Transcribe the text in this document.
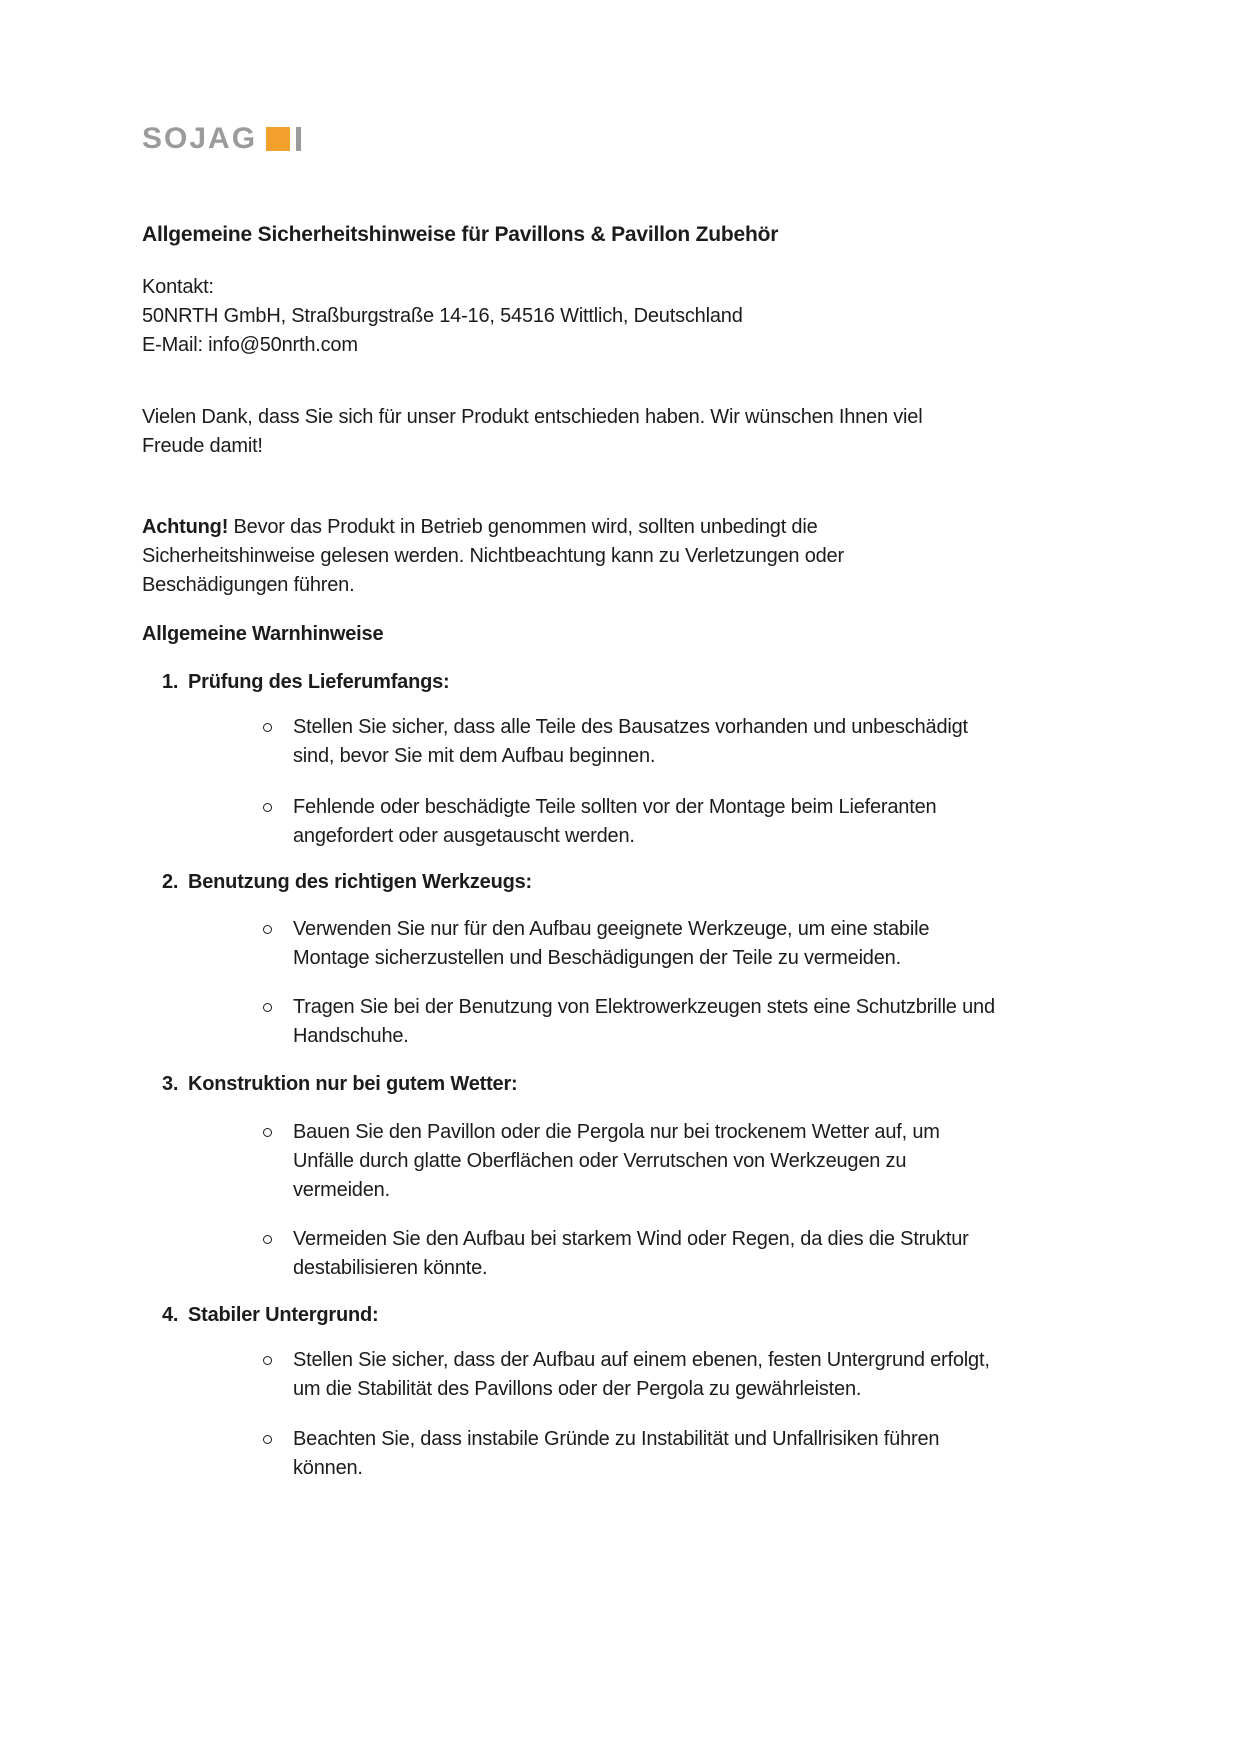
SOJAG
Allgemeine Sicherheitshinweise für Pavillons & Pavillon Zubehör
Kontakt:
50NRTH GmbH, Straßburgstraße 14-16, 54516 Wittlich, Deutschland
E-Mail: info@50nrth.com
Vielen Dank, dass Sie sich für unser Produkt entschieden haben. Wir wünschen Ihnen viel
Freude damit!
Achtung! Bevor das Produkt in Betrieb genommen wird, sollten unbedingt die
Sicherheitshinweise gelesen werden. Nichtbeachtung kann zu Verletzungen oder
Beschädigungen führen.
Allgemeine Warnhinweise
1. Prüfung des Lieferumfangs:
Stellen Sie sicher, dass alle Teile des Bausatzes vorhanden und unbeschädigt
sind, bevor Sie mit dem Aufbau beginnen.
Fehlende oder beschädigte Teile sollten vor der Montage beim Lieferanten
angefordert oder ausgetauscht werden.
2. Benutzung des richtigen Werkzeugs:
Verwenden Sie nur für den Aufbau geeignete Werkzeuge, um eine stabile
Montage sicherzustellen und Beschädigungen der Teile zu vermeiden.
Tragen Sie bei der Benutzung von Elektrowerkzeugen stets eine Schutzbrille und
Handschuhe.
3. Konstruktion nur bei gutem Wetter:
Bauen Sie den Pavillon oder die Pergola nur bei trockenem Wetter auf, um
Unfälle durch glatte Oberflächen oder Verrutschen von Werkzeugen zu
vermeiden.
Vermeiden Sie den Aufbau bei starkem Wind oder Regen, da dies die Struktur
destabilisieren könnte.
4. Stabiler Untergrund:
Stellen Sie sicher, dass der Aufbau auf einem ebenen, festen Untergrund erfolgt,
um die Stabilität des Pavillons oder der Pergola zu gewährleisten.
Beachten Sie, dass instabile Gründe zu Instabilität und Unfallrisiken führen
können.
